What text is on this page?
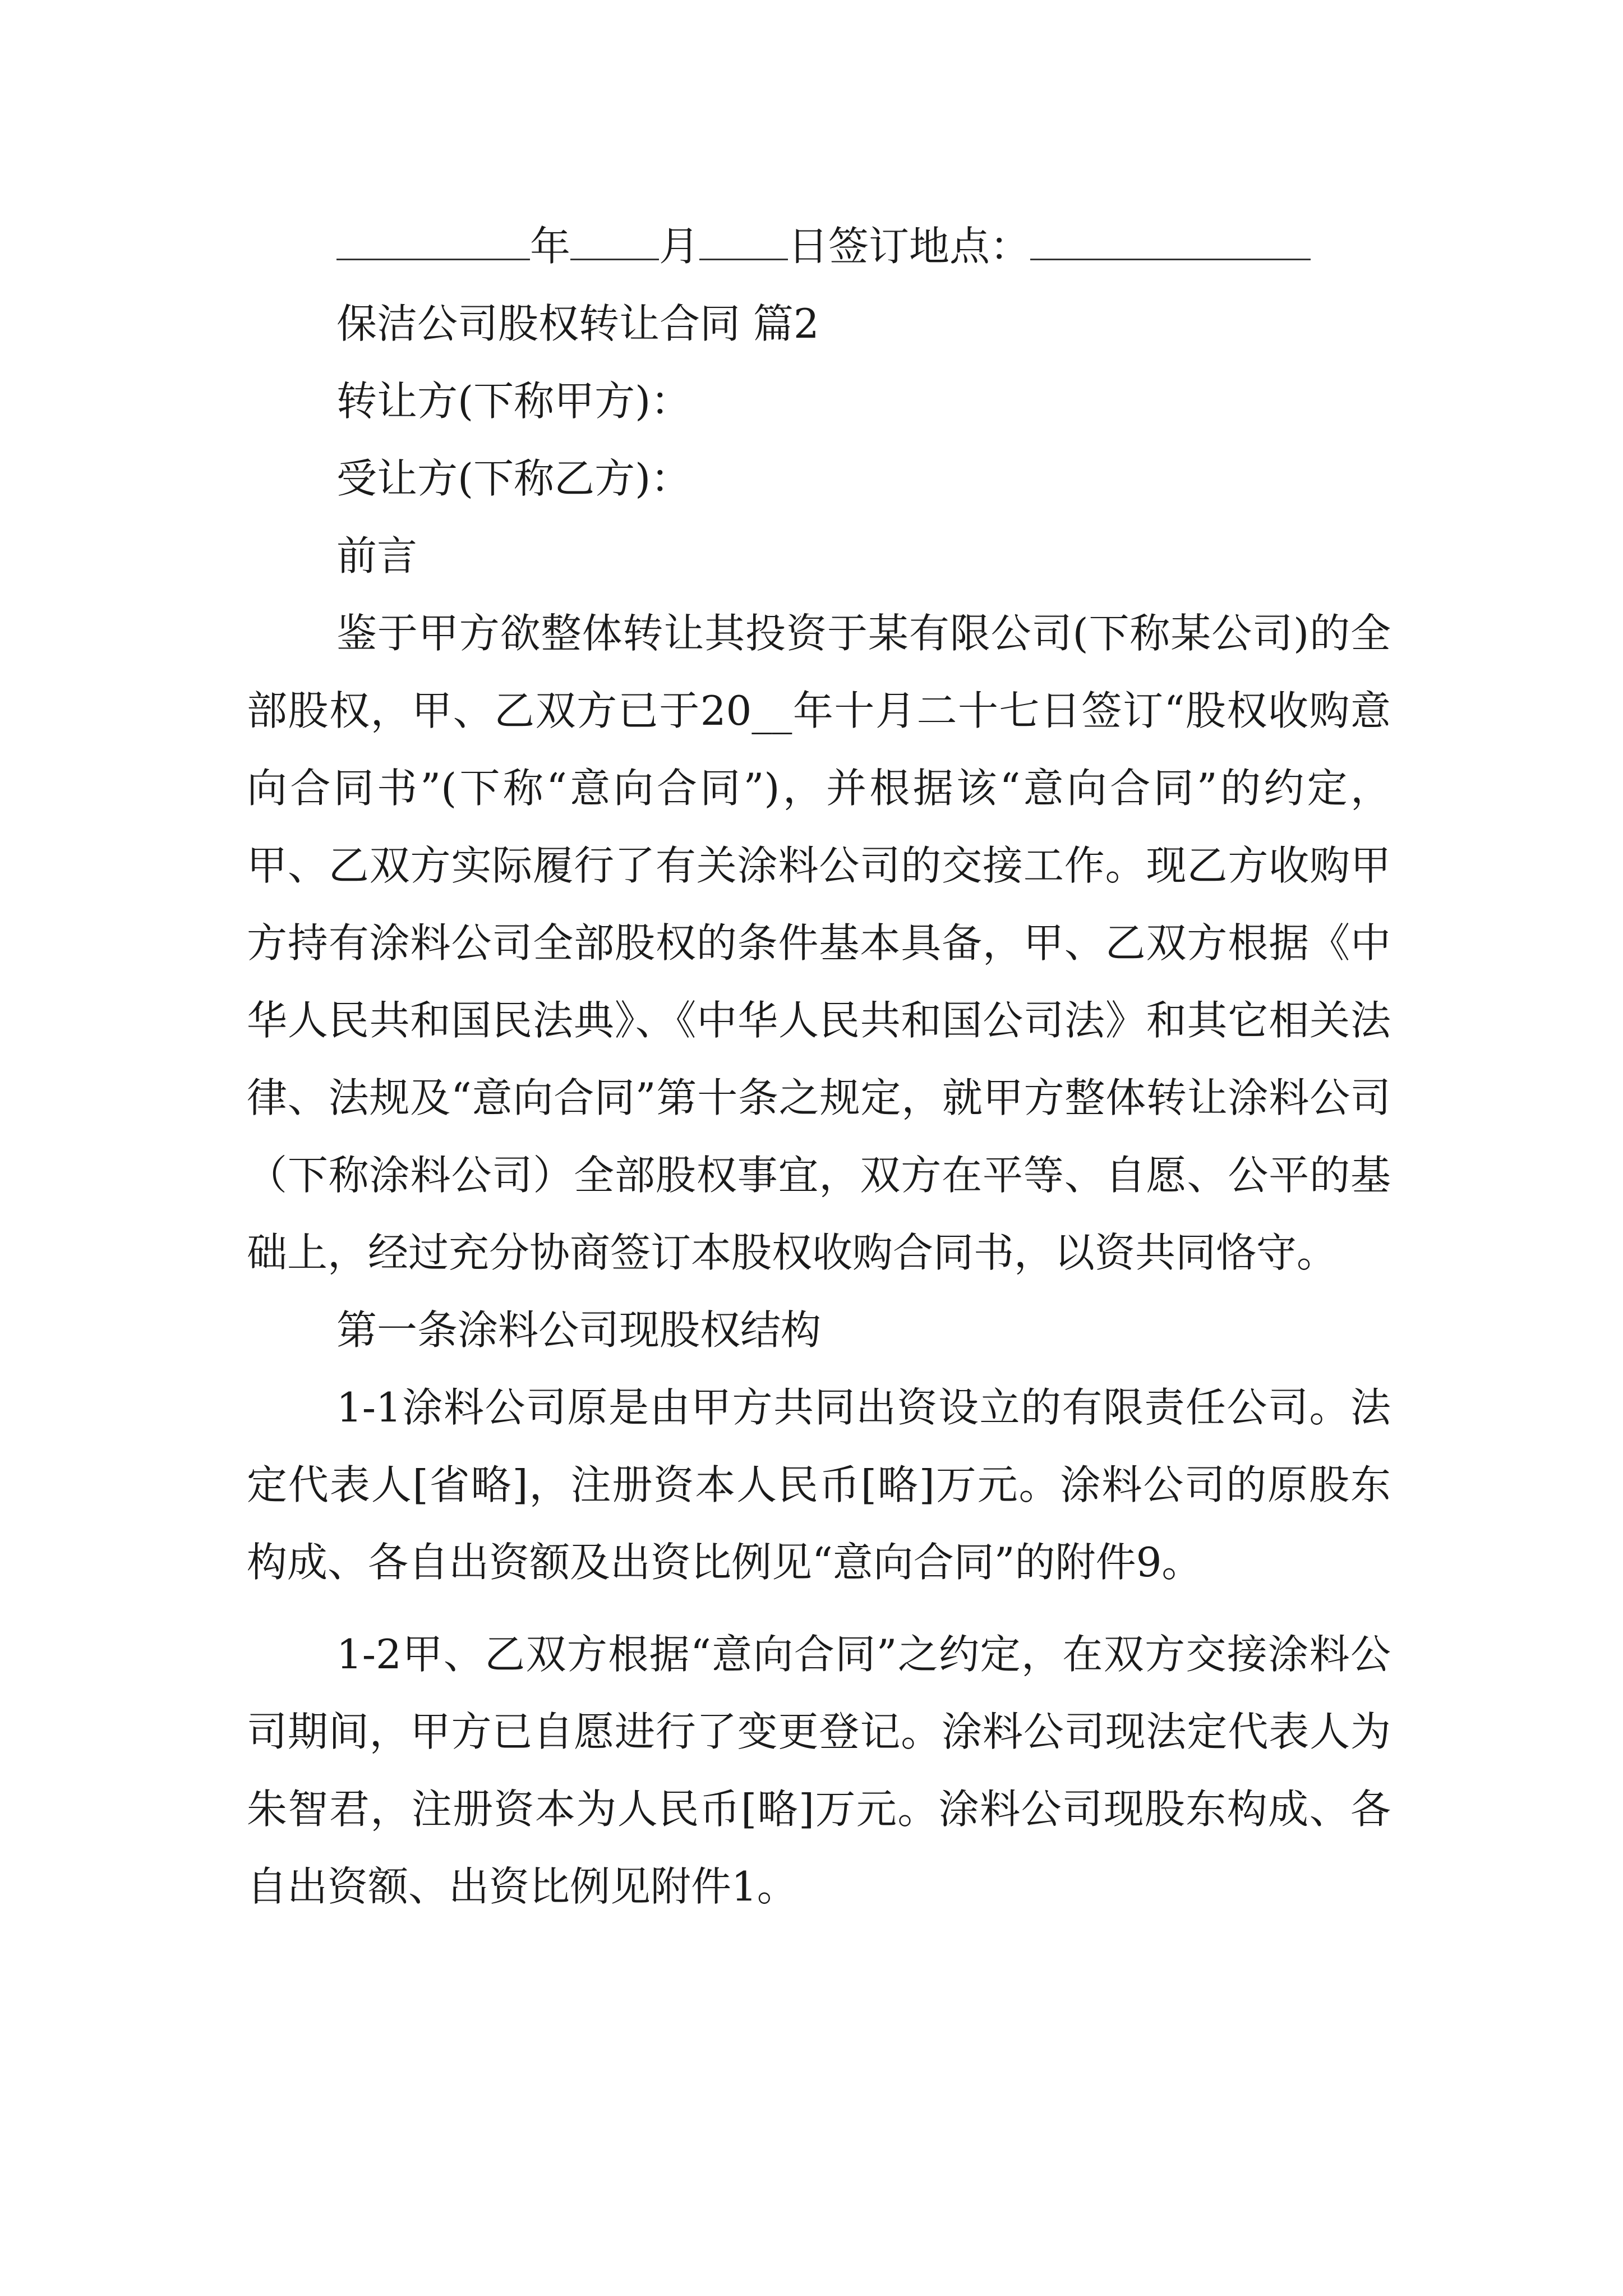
年 月 日签订地点：
保洁公司股权转让合同 篇2
转让方(下称甲方)：
受让方(下称乙方)：
前言

鉴于甲方欲整体转让其投资于某有限公司(下称某公司)的全部股权，甲、乙双方已于20__年十月二十七日签订“股权收购意向合同书”(下称“意向合同”)，并根据该“意向合同”的约定，甲、乙双方实际履行了有关涂料公司的交接工作。现乙方收购甲方持有涂料公司全部股权的条件基本具备，甲、乙双方根据《中华人民共和国民法典》、《中华人民共和国公司法》和其它相关法律、法规及“意向合同”第十条之规定，就甲方整体转让涂料公司（下称涂料公司）全部股权事宜，双方在平等、自愿、公平的基础上，经过充分协商签订本股权收购合同书，以资共同恪守。

第一条涂料公司现股权结构

1-1涂料公司原是由甲方共同出资设立的有限责任公司。法定代表人[省略]，注册资本人民币[略]万元。涂料公司的原股东构成、各自出资额及出资比例见“意向合同”的附件9。

1-2甲、乙双方根据“意向合同”之约定，在双方交接涂料公司期间，甲方已自愿进行了变更登记。涂料公司现法定代表人为朱智君，注册资本为人民币[略]万元。涂料公司现股东构成、各自出资额、出资比例见附件1。
